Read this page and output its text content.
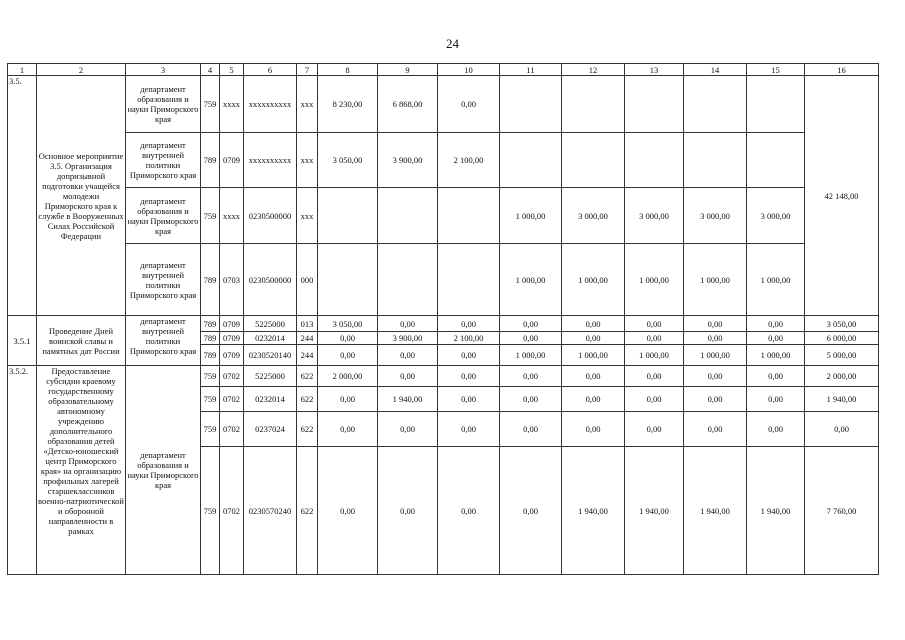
24
1	2	3	4	5	6	7	8	9	10	11	12	13	14	15	16
3.5.	Основное мероприятие 3.5. Организация допризывной подготовки учащейся молодежи Приморского края к службе в Вооруженных Силах Российской Федерации	департамент образования и науки Приморского края	759	xxxx	xxxxxxxxxx	xxx	8 230,00	6 868,00	0,00						42 148,00
		департамент внутренней политики Приморского края	789	0709	xxxxxxxxxx	xxx	3 050,00	3 900,00	2 100,00						
		департамент образования и науки Приморского края	759	xxxx	0230500000	xxx				1 000,00	3 000,00	3 000,00	3 000,00	3 000,00	
		департамент внутренней политики Приморского края	789	0703	0230500000	000				1 000,00	1 000,00	1 000,00	1 000,00	1 000,00	
3.5.1	Проведение Дней воинской славы и памятных дат России	департамент внутренней политики Приморского края	789	0709	5225000	013	3 050,00	0,00	0,00	0,00	0,00	0,00	0,00	0,00	3 050,00
			789	0709	0232014	244	0,00	3 900,00	2 100,00	0,00	0,00	0,00	0,00	0,00	6 000,00
			789	0709	0230520140	244	0,00	0,00	0,00	1 000,00	1 000,00	1 000,00	1 000,00	1 000,00	5 000,00
3.5.2.	Предоставление субсидии краевому государственному образовательному автономному учреждению дополнительного образования детей «Детско-юношеский центр Приморского края» на организацию профильных лагерей старшеклассников военно-патриотической и оборонной направленности в рамках	департамент образования и науки Приморского края	759	0702	5225000	622	2 000,00	0,00	0,00	0,00	0,00	0,00	0,00	0,00	2 000,00
			759	0702	0232014	622	0,00	1 940,00	0,00	0,00	0,00	0,00	0,00	0,00	1 940,00
			759	0702	0237024	622	0,00	0,00	0,00	0,00	0,00	0,00	0,00	0,00	0,00
			759	0702	0230570240	622	0,00	0,00	0,00	0,00	1 940,00	1 940,00	1 940,00	1 940,00	7 760,00
